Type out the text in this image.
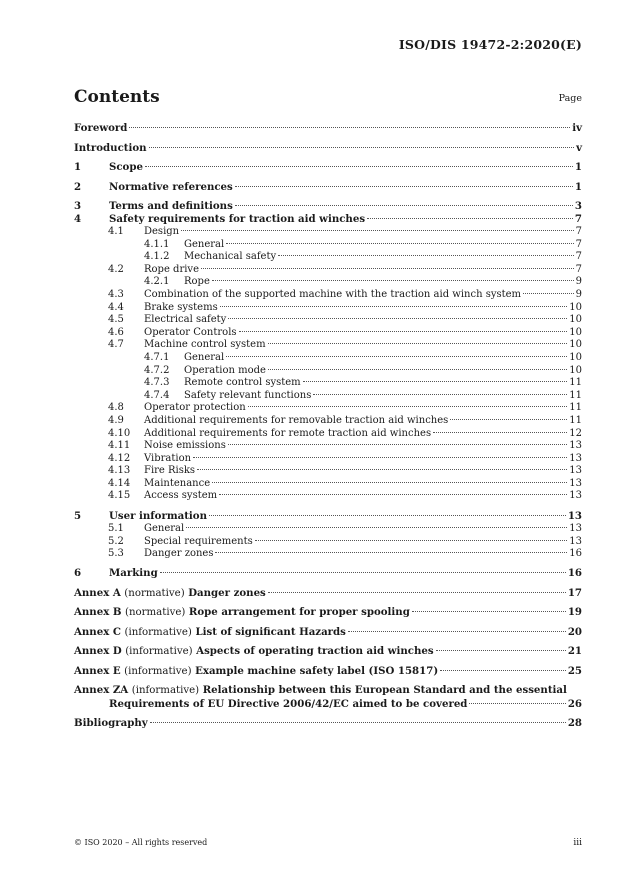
ISO/DIS 19472-2:2020(E)
Contents	Page
Foreword	iv
Introduction	v
1	Scope	1
2	Normative references	1
3	Terms and definitions	3
4	Safety requirements for traction aid winches	7
4.1	Design	7
4.1.1	General	7
4.1.2	Mechanical safety	7
4.2	Rope drive	7
4.2.1	Rope	9
4.3	Combination of the supported machine with the traction aid winch system	9
4.4	Brake systems	10
4.5	Electrical safety	10
4.6	Operator Controls	10
4.7	Machine control system	10
4.7.1	General	10
4.7.2	Operation mode	10
4.7.3	Remote control system	11
4.7.4	Safety relevant functions	11
4.8	Operator protection	11
4.9	Additional requirements for removable traction aid winches	11
4.10	Additional requirements for remote traction aid winches	12
4.11	Noise emissions	13
4.12	Vibration	13
4.13	Fire Risks	13
4.14	Maintenance	13
4.15	Access system	13
5	User information	13
5.1	General	13
5.2	Special requirements	13
5.3	Danger zones	16
6	Marking	16
Annex A (normative) Danger zones	17
Annex B (normative) Rope arrangement for proper spooling	19
Annex C (informative) List of significant Hazards	20
Annex D (informative) Aspects of operating traction aid winches	21
Annex E (informative) Example machine safety label (ISO 15817)	25
Annex ZA (informative) Relationship between this European Standard and the essential
Requirements of EU Directive 2006/42/EC aimed to be covered	26
Bibliography	28
© ISO 2020 – All rights reserved	iii
